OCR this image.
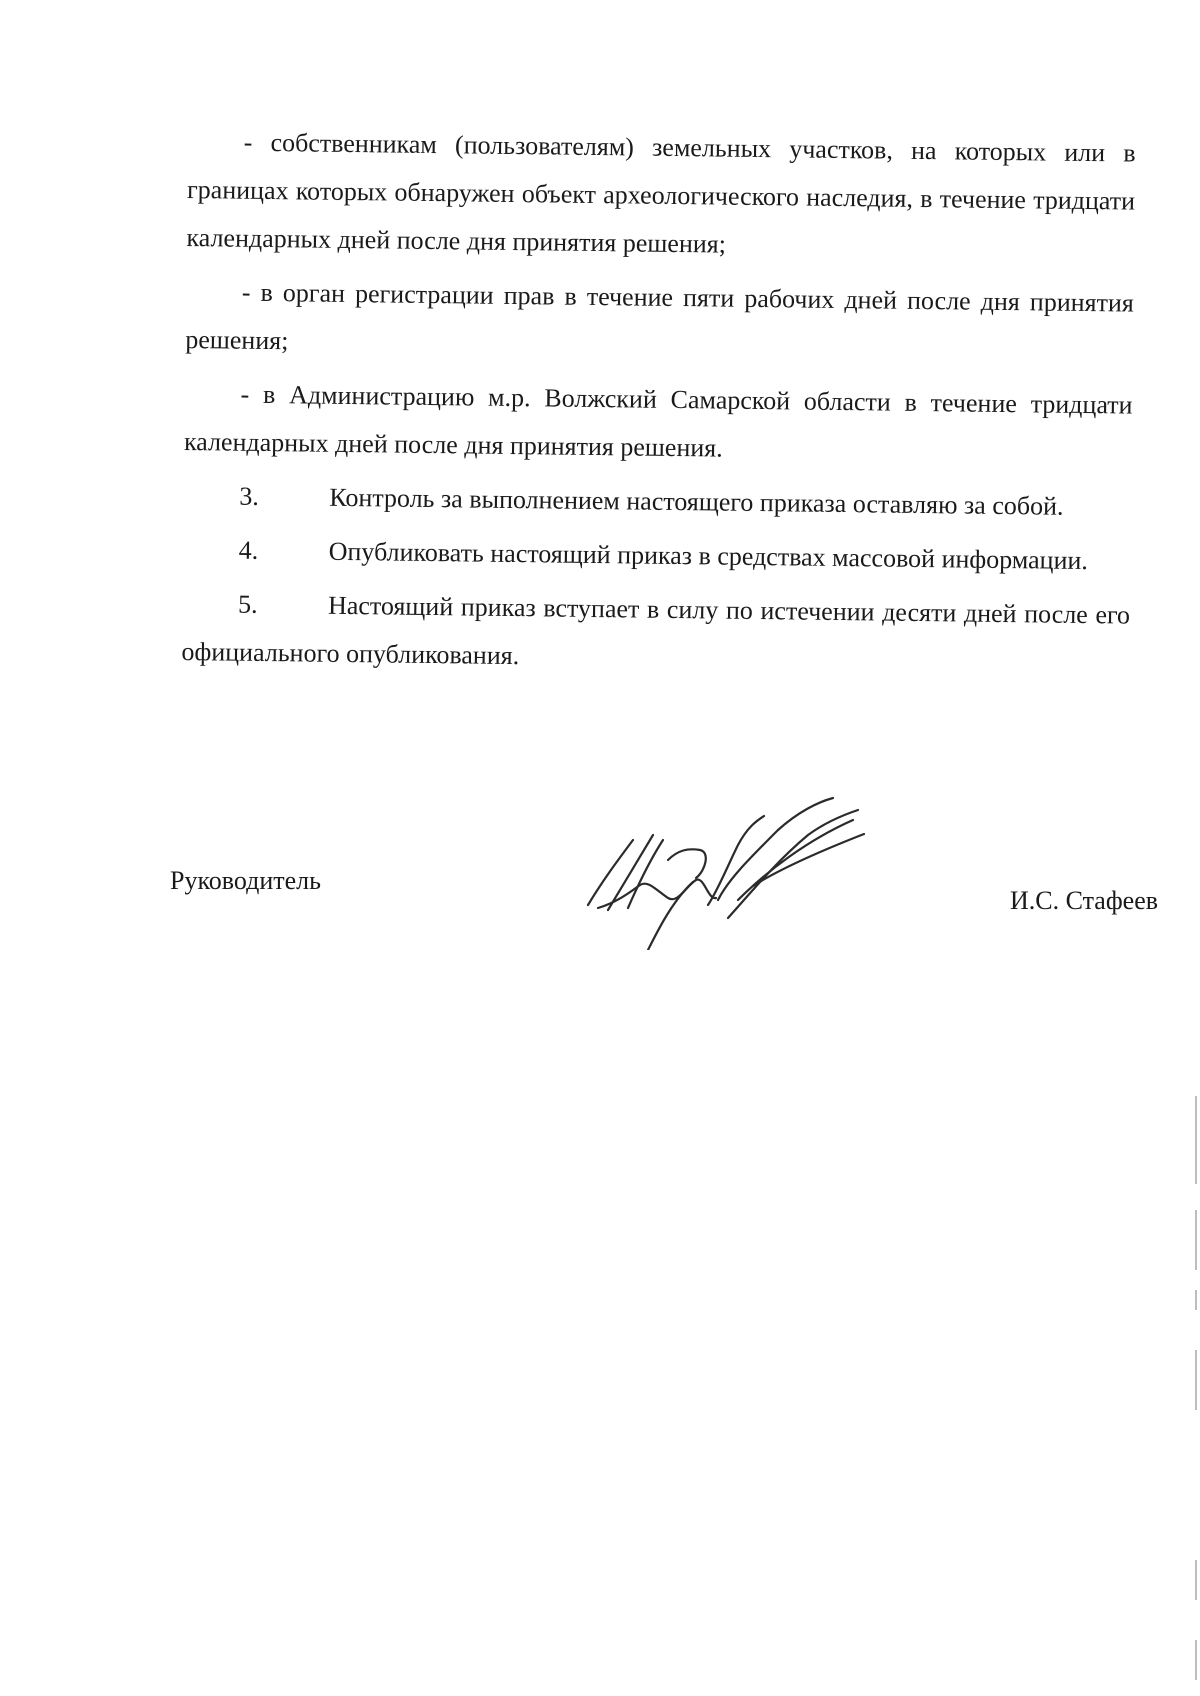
- собственникам (пользователям) земельных участков, на которых или в границах которых обнаружен объект археологического наследия, в течение тридцати календарных дней после дня принятия решения;

- в орган регистрации прав в течение пяти рабочих дней после дня принятия решения;

- в Администрацию м.р. Волжский Самарской области в течение тридцати календарных дней после дня принятия решения.

3.	Контроль за выполнением настоящего приказа оставляю за собой.

4.	Опубликовать настоящий приказ в средствах массовой информации.

5.	Настоящий приказ вступает в силу по истечении десяти дней после его официального опубликования.

Руководитель
И.С. Стафеев
